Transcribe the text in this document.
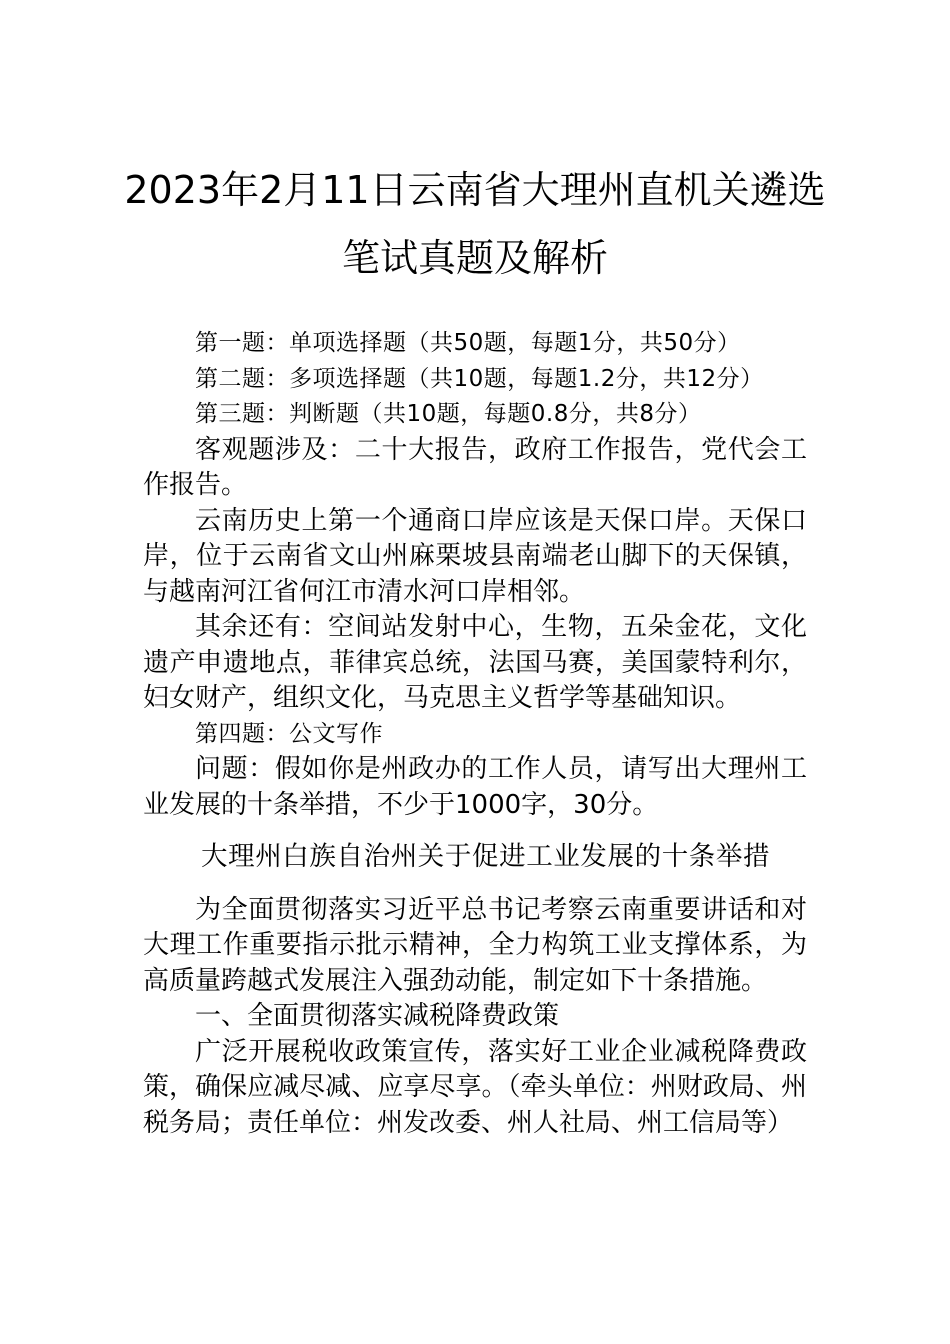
2023年2月11日云南省大理州直机关遴选
笔试真题及解析

第一题：单项选择题（共50题，每题1分，共50分）

第二题：多项选择题（共10题，每题1.2分，共12分）

第三题：判断题（共10题，每题0.8分，共8分）

客观题涉及：二十大报告，政府工作报告，党代会工作报告。

云南历史上第一个通商口岸应该是天保口岸。天保口岸，位于云南省文山州麻栗坡县南端老山脚下的天保镇，与越南河江省何江市清水河口岸相邻。

其余还有：空间站发射中心，生物，五朵金花，文化遗产申遗地点，菲律宾总统，法国马赛，美国蒙特利尔，妇女财产，组织文化，马克思主义哲学等基础知识。

第四题：公文写作

问题：假如你是州政办的工作人员，请写出大理州工业发展的十条举措，不少于1000字，30分。

大理州白族自治州关于促进工业发展的十条举措

为全面贯彻落实习近平总书记考察云南重要讲话和对大理工作重要指示批示精神，全力构筑工业支撑体系，为高质量跨越式发展注入强劲动能，制定如下十条措施。

一、全面贯彻落实减税降费政策

广泛开展税收政策宣传，落实好工业企业减税降费政策，确保应减尽减、应享尽享。（牵头单位：州财政局、州税务局；责任单位：州发改委、州人社局、州工信局等）
